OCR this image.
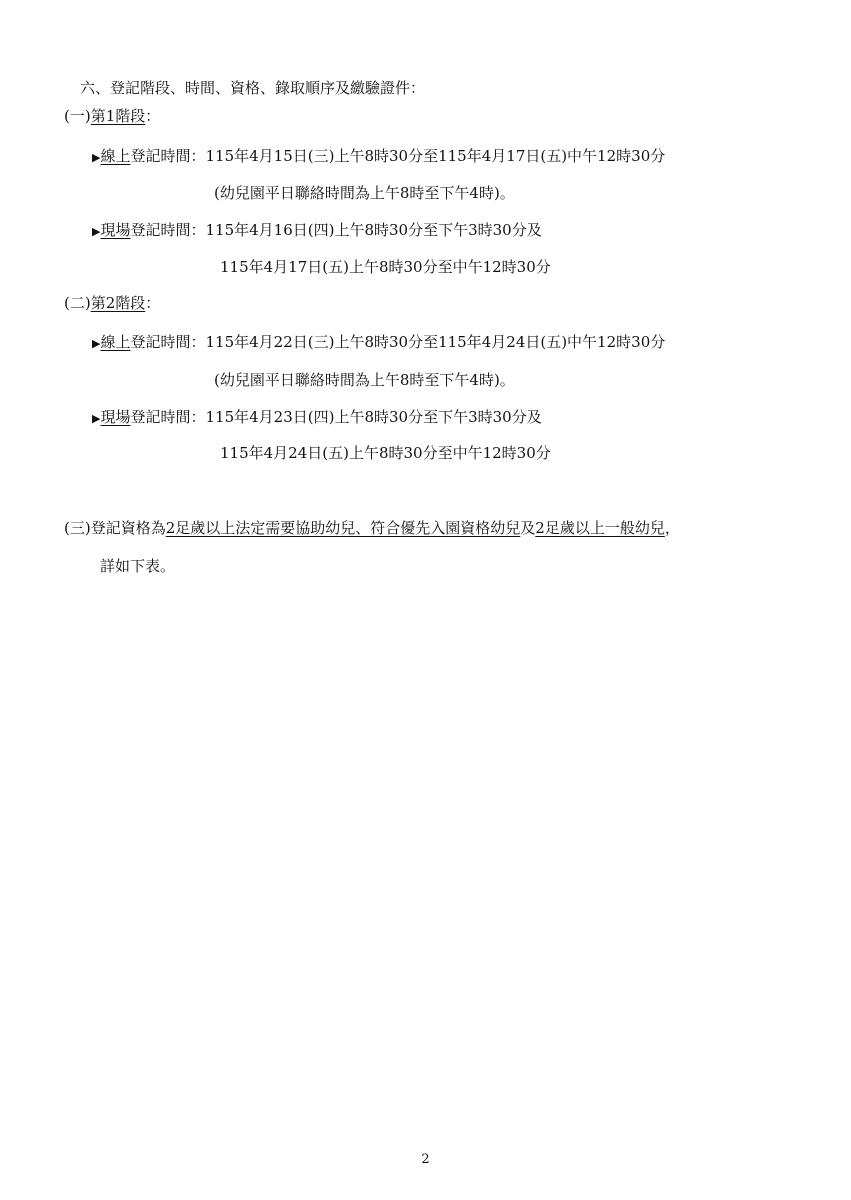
六、登記階段、時間、資格、錄取順序及繳驗證件：
(一)第1階段：
▶線上登記時間：115年4月15日(三)上午8時30分至115年4月17日(五)中午12時30分
(幼兒園平日聯絡時間為上午8時至下午4時)。
▶現場登記時間：115年4月16日(四)上午8時30分至下午3時30分及
115年4月17日(五)上午8時30分至中午12時30分
(二)第2階段：
▶線上登記時間：115年4月22日(三)上午8時30分至115年4月24日(五)中午12時30分
(幼兒園平日聯絡時間為上午8時至下午4時)。
▶現場登記時間：115年4月23日(四)上午8時30分至下午3時30分及
115年4月24日(五)上午8時30分至中午12時30分
(三)登記資格為2足歲以上法定需要協助幼兒、符合優先入園資格幼兒及2足歲以上一般幼兒，
詳如下表。
2
